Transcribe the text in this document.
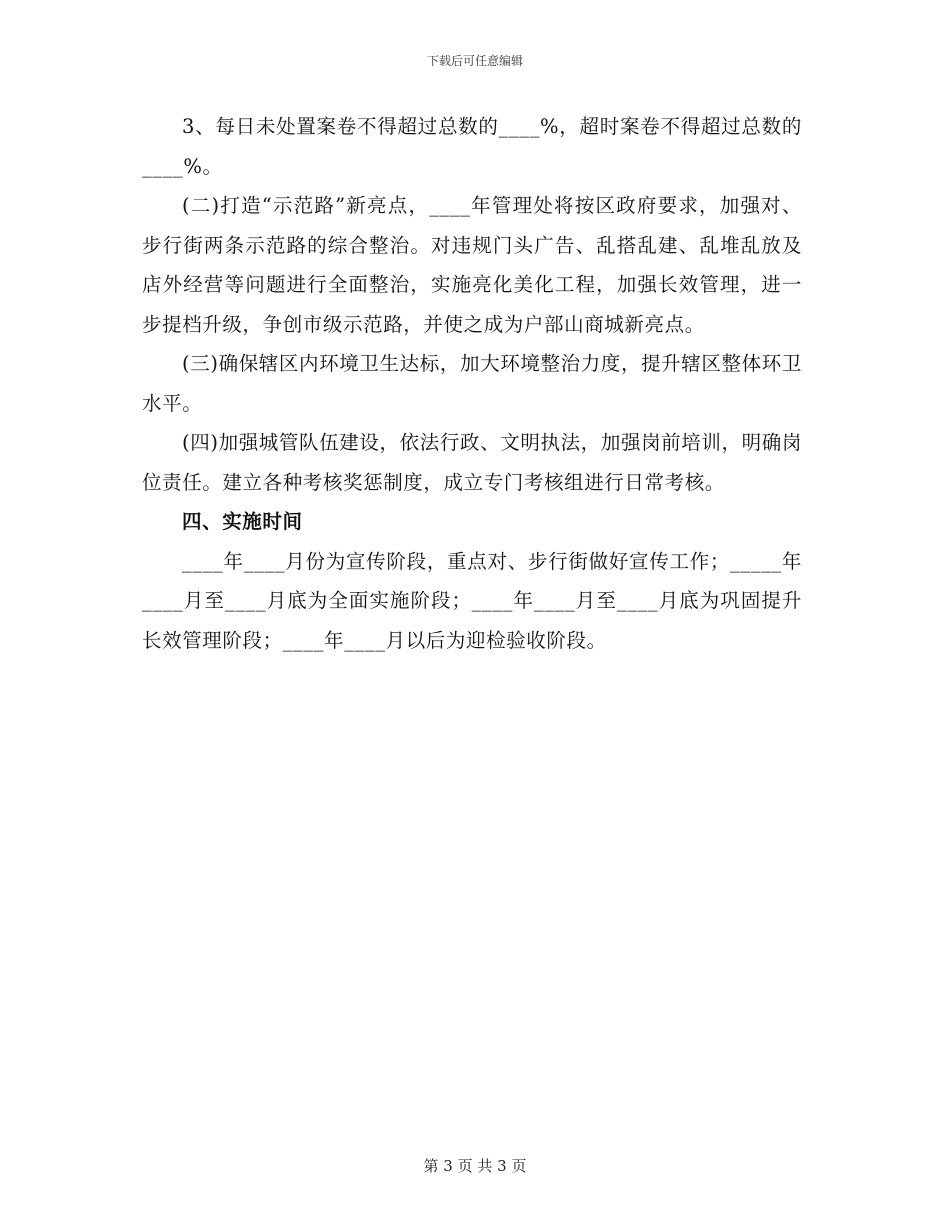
下载后可任意编辑

3、每日未处置案卷不得超过总数的____%，超时案卷不得超过总数的____%。

(二)打造“示范路”新亮点，____年管理处将按区政府要求，加强对、步行街两条示范路的综合整治。对违规门头广告、乱搭乱建、乱堆乱放及店外经营等问题进行全面整治，实施亮化美化工程，加强长效管理，进一步提档升级，争创市级示范路，并使之成为户部山商城新亮点。

(三)确保辖区内环境卫生达标，加大环境整治力度，提升辖区整体环卫水平。

(四)加强城管队伍建设，依法行政、文明执法，加强岗前培训，明确岗位责任。建立各种考核奖惩制度，成立专门考核组进行日常考核。

四、实施时间

____年____月份为宣传阶段，重点对、步行街做好宣传工作；_____年____月至____月底为全面实施阶段；____年____月至____月底为巩固提升长效管理阶段；____年____月以后为迎检验收阶段。

第 3 页 共 3 页
